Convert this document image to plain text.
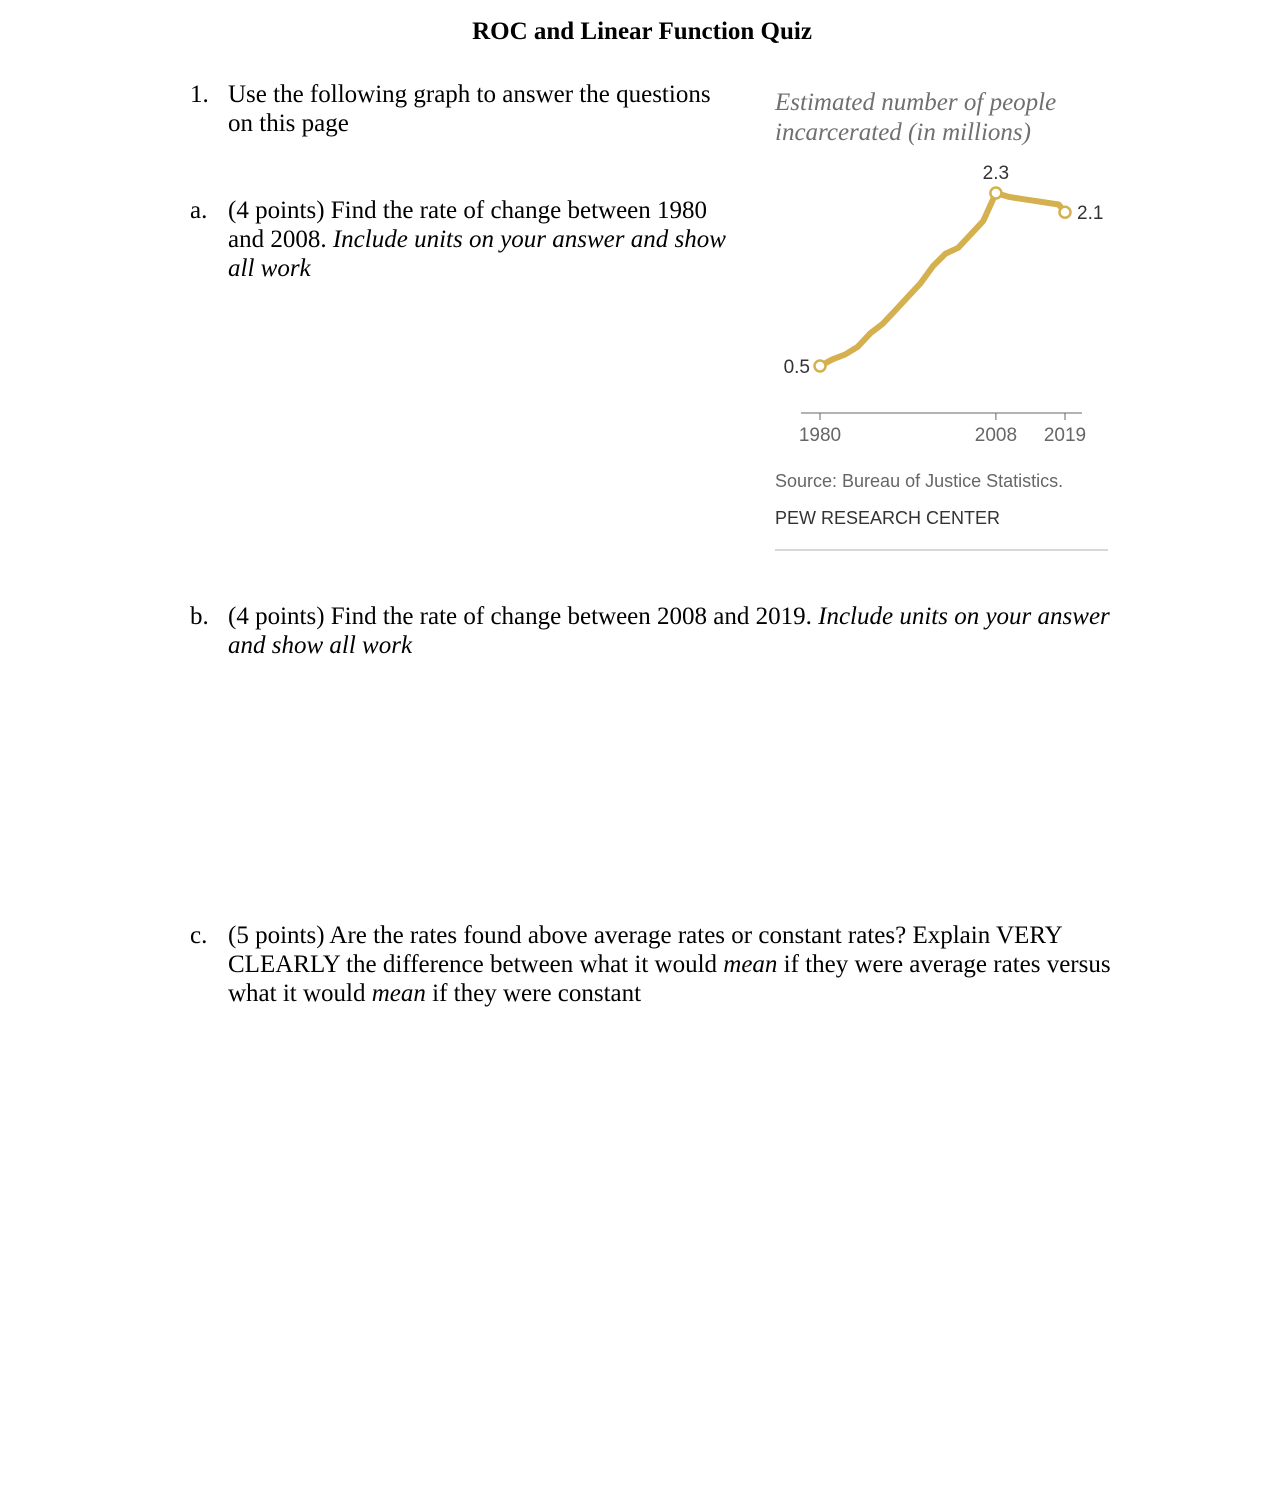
ROC and Linear Function Quiz
1. Use the following graph to answer the questions on this page
a. (4 points) Find the rate of change between 1980 and 2008. Include units on your answer and show all work
Estimated number of people
incarcerated (in millions)
1980	2008 2019
0.5
2.3
2.1
Source: Bureau of Justice Statistics.
PEW RESEARCH CENTER
b. (4 points) Find the rate of change between 2008 and 2019. Include units on your answer and show all work
c. (5 points) Are the rates found above average rates or constant rates? Explain VERY CLEARLY the difference between what it would mean if they were average rates versus what it would mean if they were constant
